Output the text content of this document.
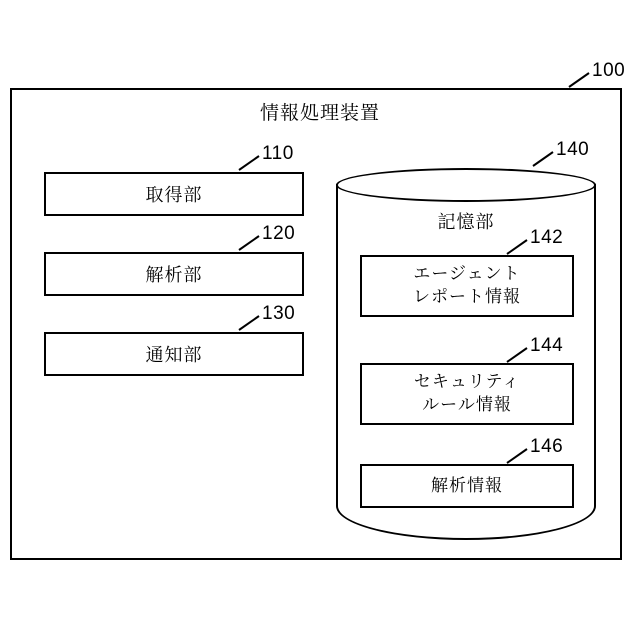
情報処理装置
100
取得部
110
解析部
120
通知部
130
記憶部
140
エージェント
レポート情報
142
セキュリティ
ルール情報
144
解析情報
146
